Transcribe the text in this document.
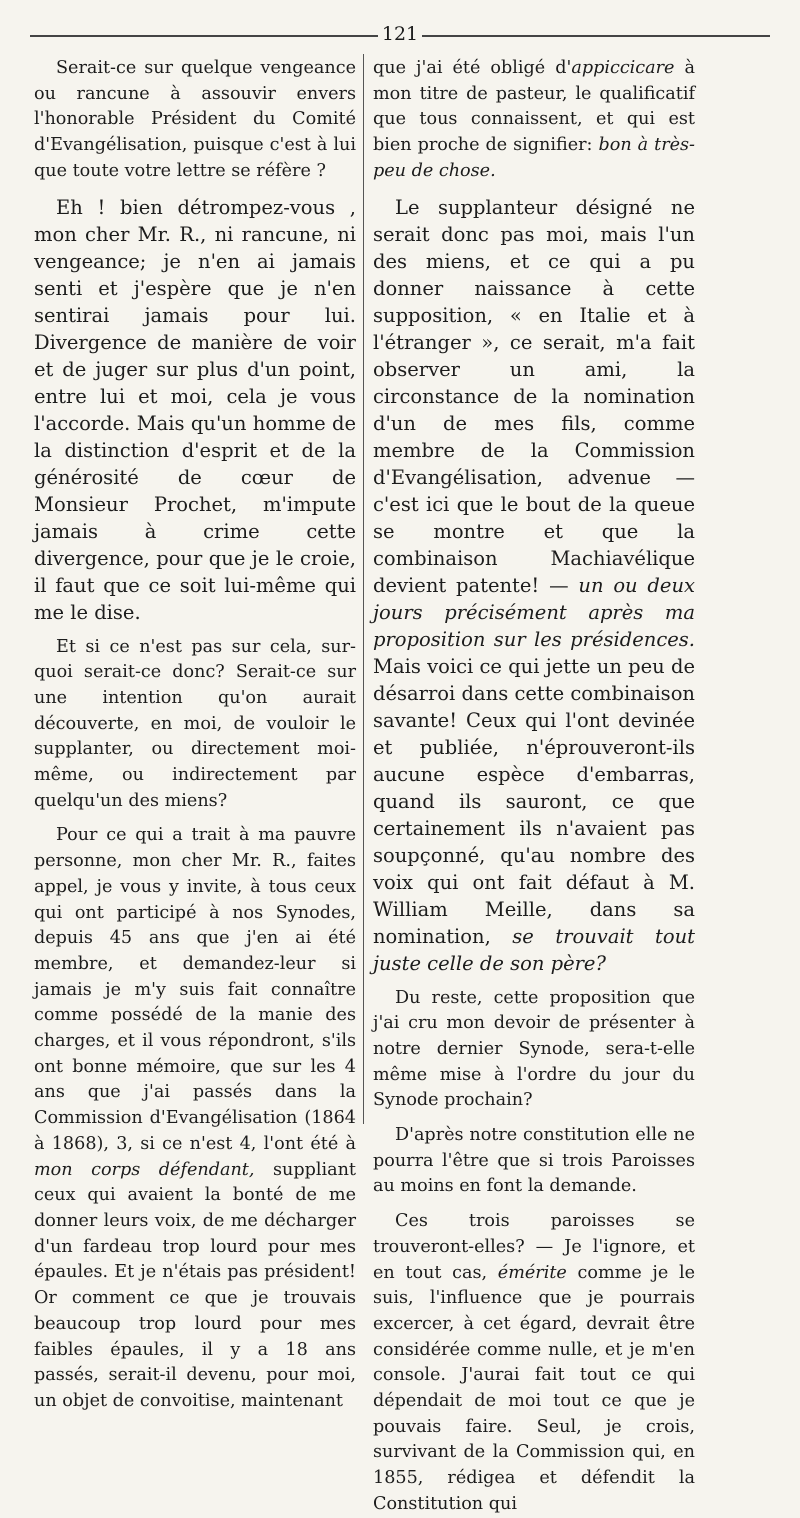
121

Serait-ce sur quelque vengeance ou rancune à assouvir envers l'honorable Président du Comité d'Evangélisation, puisque c'est à lui que toute votre lettre se réfère ?

Eh ! bien détrompez-vous , mon cher Mr. R., ni rancune, ni vengeance; je n'en ai jamais senti et j'espère que je n'en sentirai jamais pour lui. Divergence de manière de voir et de juger sur plus d'un point, entre lui et moi, cela je vous l'accorde. Mais qu'un homme de la distinction d'esprit et de la générosité de cœur de Monsieur Prochet, m'impute jamais à crime cette divergence, pour que je le croie, il faut que ce soit lui-même qui me le dise.

Et si ce n'est pas sur cela, sur-quoi serait-ce donc? Serait-ce sur une intention qu'on aurait découverte, en moi, de vouloir le supplanter, ou directement moi-même, ou indirectement par quelqu'un des miens?

Pour ce qui a trait à ma pauvre personne, mon cher Mr. R., faites appel, je vous y invite, à tous ceux qui ont participé à nos Synodes, depuis 45 ans que j'en ai été membre, et demandez-leur si jamais je m'y suis fait connaître comme possédé de la manie des charges, et il vous répondront, s'ils ont bonne mémoire, que sur les 4 ans que j'ai passés dans la Commission d'Evangélisation (1864 à 1868), 3, si ce n'est 4, l'ont été à mon corps défendant, suppliant ceux qui avaient la bonté de me donner leurs voix, de me décharger d'un fardeau trop lourd pour mes épaules. Et je n'étais pas président! Or comment ce que je trouvais beaucoup trop lourd pour mes faibles épaules, il y a 18 ans passés, serait-il devenu, pour moi, un objet de convoitise, maintenant

que j'ai été obligé d'appiccicare à mon titre de pasteur, le qualificatif que tous connaissent, et qui est bien proche de signifier: bon à très-peu de chose.

Le supplanteur désigné ne serait donc pas moi, mais l'un des miens, et ce qui a pu donner naissance à cette supposition, « en Italie et à l'étranger », ce serait, m'a fait observer un ami, la circonstance de la nomination d'un de mes fils, comme membre de la Commission d'Evangélisation, advenue — c'est ici que le bout de la queue se montre et que la combinaison Machiavélique devient patente! — un ou deux jours précisément après ma proposition sur les présidences. Mais voici ce qui jette un peu de désarroi dans cette combinaison savante! Ceux qui l'ont devinée et publiée, n'éprouveront-ils aucune espèce d'embarras, quand ils sauront, ce que certainement ils n'avaient pas soupçonné, qu'au nombre des voix qui ont fait défaut à M. William Meille, dans sa nomination, se trouvait tout juste celle de son père?

Du reste, cette proposition que j'ai cru mon devoir de présenter à notre dernier Synode, sera-t-elle même mise à l'ordre du jour du Synode prochain?

D'après notre constitution elle ne pourra l'être que si trois Paroisses au moins en font la demande.

Ces trois paroisses se trouveront-elles? — Je l'ignore, et en tout cas, émérite comme je le suis, l'influence que je pourrais excercer, à cet égard, devrait être considérée comme nulle, et je m'en console. J'aurai fait tout ce qui dépendait de moi tout ce que je pouvais faire. Seul, je crois, survivant de la Commission qui, en 1855, rédigea et défendit la Constitution qui
